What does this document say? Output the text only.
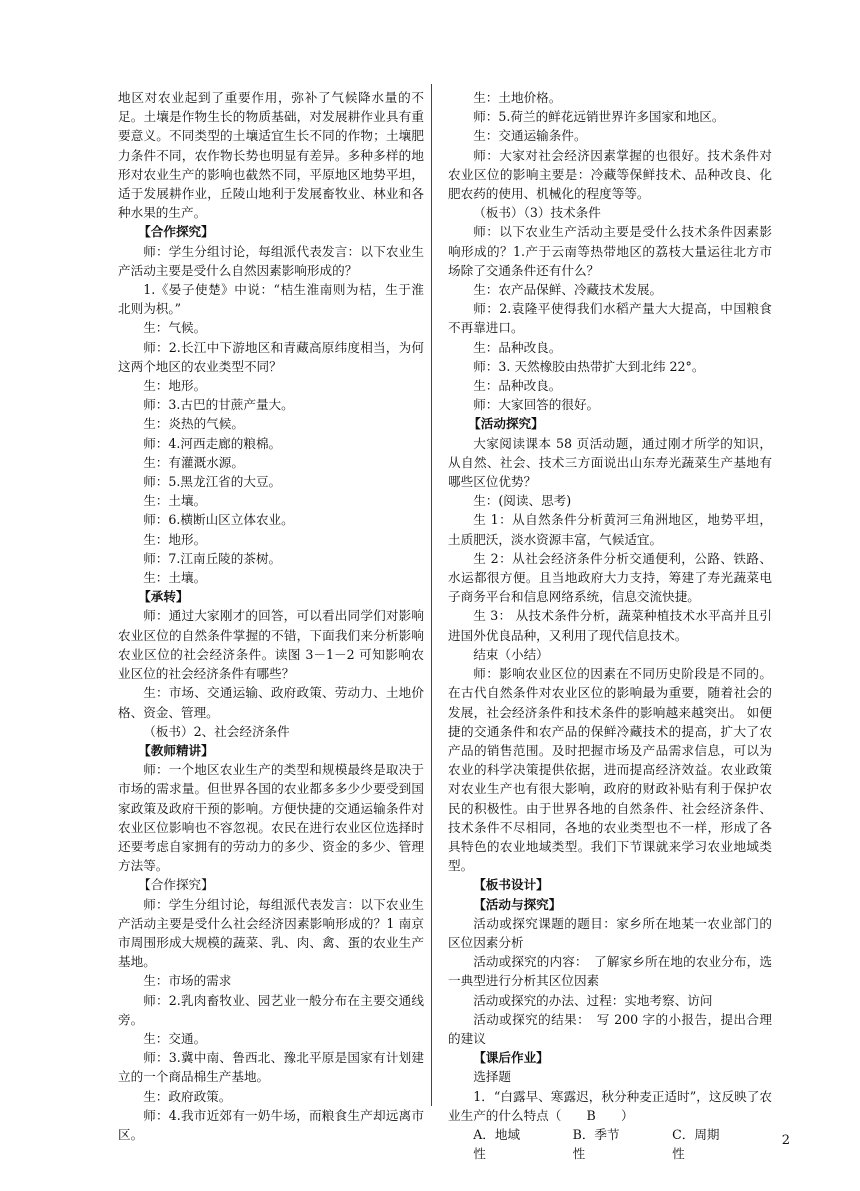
地区对农业起到了重要作用，弥补了气候降水量的不足。土壤是作物生长的物质基础，对发展耕作业具有重要意义。不同类型的土壤适宜生长不同的作物；土壤肥力条件不同，农作物长势也明显有差异。多种多样的地形对农业生产的影响也截然不同，平原地区地势平坦，适于发展耕作业，丘陵山地利于发展畜牧业、林业和各种水果的生产。

【合作探究】

师：学生分组讨论，每组派代表发言：以下农业生产活动主要是受什么自然因素影响形成的？

1.《晏子使楚》中说：“桔生淮南则为桔，生于淮北则为枳。”

生：气候。

师：2.长江中下游地区和青藏高原纬度相当，为何这两个地区的农业类型不同？

生：地形。

师：3.古巴的甘蔗产量大。

生：炎热的气候。

师：4.河西走廊的粮棉。

生：有灌溉水源。

师：5.黑龙江省的大豆。

生：土壤。

师：6.横断山区立体农业。

生：地形。

师：7.江南丘陵的茶树。

生：土壤。

【承转】

师：通过大家刚才的回答，可以看出同学们对影响农业区位的自然条件掌握的不错，下面我们来分析影响农业区位的社会经济条件。读图 3－1－2 可知影响农业区位的社会经济条件有哪些？

生：市场、交通运输、政府政策、劳动力、土地价格、资金、管理。

（板书）2、社会经济条件

【教师精讲】

师：一个地区农业生产的类型和规模最终是取决于市场的需求量。但世界各国的农业都多多少少要受到国家政策及政府干预的影响。方便快捷的交通运输条件对农业区位影响也不容忽视。农民在进行农业区位选择时还要考虑自家拥有的劳动力的多少、资金的多少、管理方法等。

【合作探究】

师：学生分组讨论，每组派代表发言：以下农业生产活动主要是受什么社会经济因素影响形成的？1 南京市周围形成大规模的蔬菜、乳、肉、禽、蛋的农业生产基地。

生：市场的需求

师：2.乳肉畜牧业、园艺业一般分布在主要交通线旁。

生：交通。

师：3.冀中南、鲁西北、豫北平原是国家有计划建立的一个商品棉生产基地。

生：政府政策。

师：4.我市近郊有一奶牛场，而粮食生产却远离市区。

生：土地价格。

师：5.荷兰的鲜花远销世界许多国家和地区。

生：交通运输条件。

师：大家对社会经济因素掌握的也很好。技术条件对农业区位的影响主要是：冷藏等保鲜技术、品种改良、化肥农药的使用、机械化的程度等等。

（板书）（3）技术条件

师：以下农业生产活动主要是受什么技术条件因素影响形成的？1.产于云南等热带地区的荔枝大量运往北方市场除了交通条件还有什么？

生：农产品保鲜、冷藏技术发展。

师：2.袁隆平使得我们水稻产量大大提高，中国粮食不再靠进口。

生：品种改良。

师：3. 天然橡胶由热带扩大到北纬 22°。

生：品种改良。

师：大家回答的很好。

【活动探究】

大家阅读课本 58 页活动题，通过刚才所学的知识，从自然、社会、技术三方面说出山东寿光蔬菜生产基地有哪些区位优势？

生：(阅读、思考)

生 1：从自然条件分析黄河三角洲地区，地势平坦，土质肥沃，淡水资源丰富，气候适宜。

生 2：从社会经济条件分析交通便利，公路、铁路、水运都很方便。且当地政府大力支持，筹建了寿光蔬菜电子商务平台和信息网络系统，信息交流快捷。

生 3： 从技术条件分析，蔬菜种植技术水平高并且引进国外优良品种，又利用了现代信息技术。

结束（小结）

师：影响农业区位的因素在不同历史阶段是不同的。在古代自然条件对农业区位的影响最为重要，随着社会的发展，社会经济条件和技术条件的影响越来越突出。 如便捷的交通条件和农产品的保鲜冷藏技术的提高，扩大了农产品的销售范围。及时把握市场及产品需求信息，可以为农业的科学决策提供依据，进而提高经济效益。农业政策对农业生产也有很大影响，政府的财政补贴有利于保护农民的积极性。由于世界各地的自然条件、社会经济条件、技术条件不尽相同，各地的农业类型也不一样，形成了各具特色的农业地域类型。我们下节课就来学习农业地域类型。

【板书设计】

【活动与探究】

活动或探究课题的题目：家乡所在地某一农业部门的区位因素分析

活动或探究的内容：　了解家乡所在地的农业分布，选一典型进行分析其区位因素

活动或探究的办法、过程：实地考察、访问

活动或探究的结果：　写 200 字的小报告，提出合理的建议

【课后作业】

选择题

1．“白露早、寒露迟，秋分种麦正适时”，这反映了农业生产的什么特点（　　B　　）

A．地域性
B．季节性
C．周期性
2
